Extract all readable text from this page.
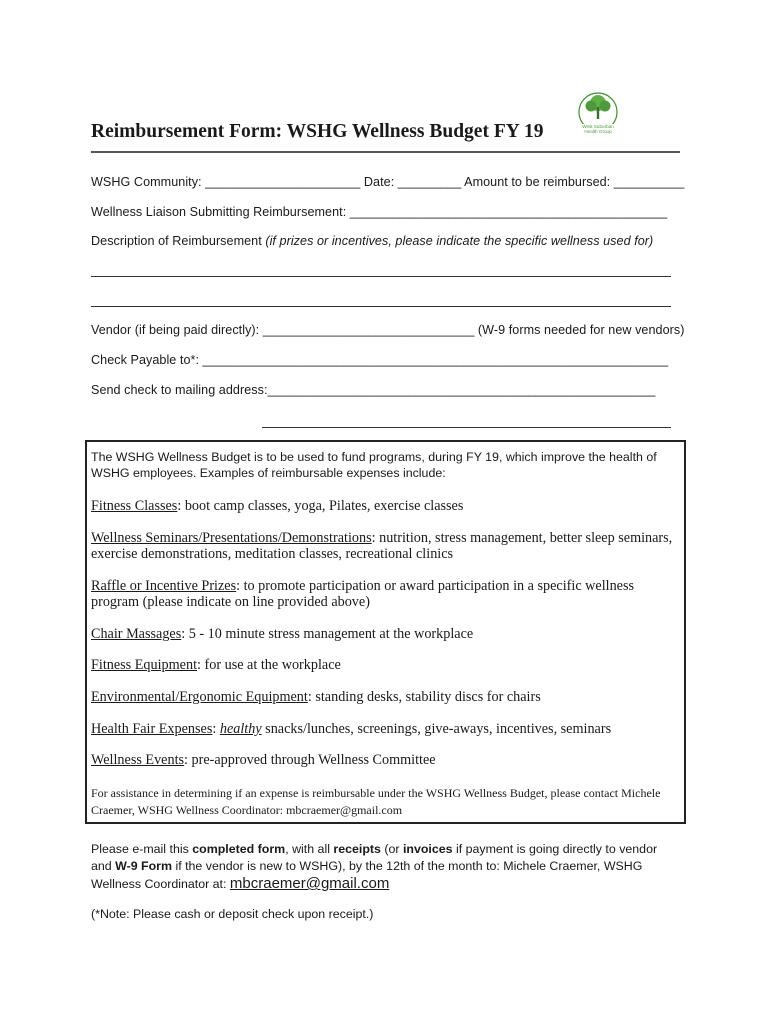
West Suburban
Health Group
Reimbursement Form: WSHG Wellness Budget FY 19
WSHG Community: ______________________ Date: _________ Amount to be reimbursed: __________
Wellness Liaison Submitting Reimbursement: _____________________________________________
Description of Reimbursement (if prizes or incentives, please indicate the specific wellness used for)
Vendor (if being paid directly): ______________________________ (W-9 forms needed for new vendors)
Check Payable to*: __________________________________________________________________
Send check to mailing address:_______________________________________________________
The WSHG Wellness Budget is to be used to fund programs, during FY 19, which improve the health of WSHG employees. Examples of reimbursable expenses include:
Fitness Classes: boot camp classes, yoga, Pilates, exercise classes
Wellness Seminars/Presentations/Demonstrations: nutrition, stress management, better sleep seminars, exercise demonstrations, meditation classes, recreational clinics
Raffle or Incentive Prizes: to promote participation or award participation in a specific wellness program (please indicate on line provided above)
Chair Massages: 5 - 10 minute stress management at the workplace
Fitness Equipment: for use at the workplace
Environmental/Ergonomic Equipment: standing desks, stability discs for chairs
Health Fair Expenses: healthy snacks/lunches, screenings, give-aways, incentives, seminars
Wellness Events: pre-approved through Wellness Committee
For assistance in determining if an expense is reimbursable under the WSHG Wellness Budget, please contact Michele Craemer, WSHG Wellness Coordinator: mbcraemer@gmail.com
Please e-mail this completed form, with all receipts (or invoices if payment is going directly to vendor and W-9 Form if the vendor is new to WSHG), by the 12th of the month to: Michele Craemer, WSHG Wellness Coordinator at: mbcraemer@gmail.com
(*Note: Please cash or deposit check upon receipt.)
